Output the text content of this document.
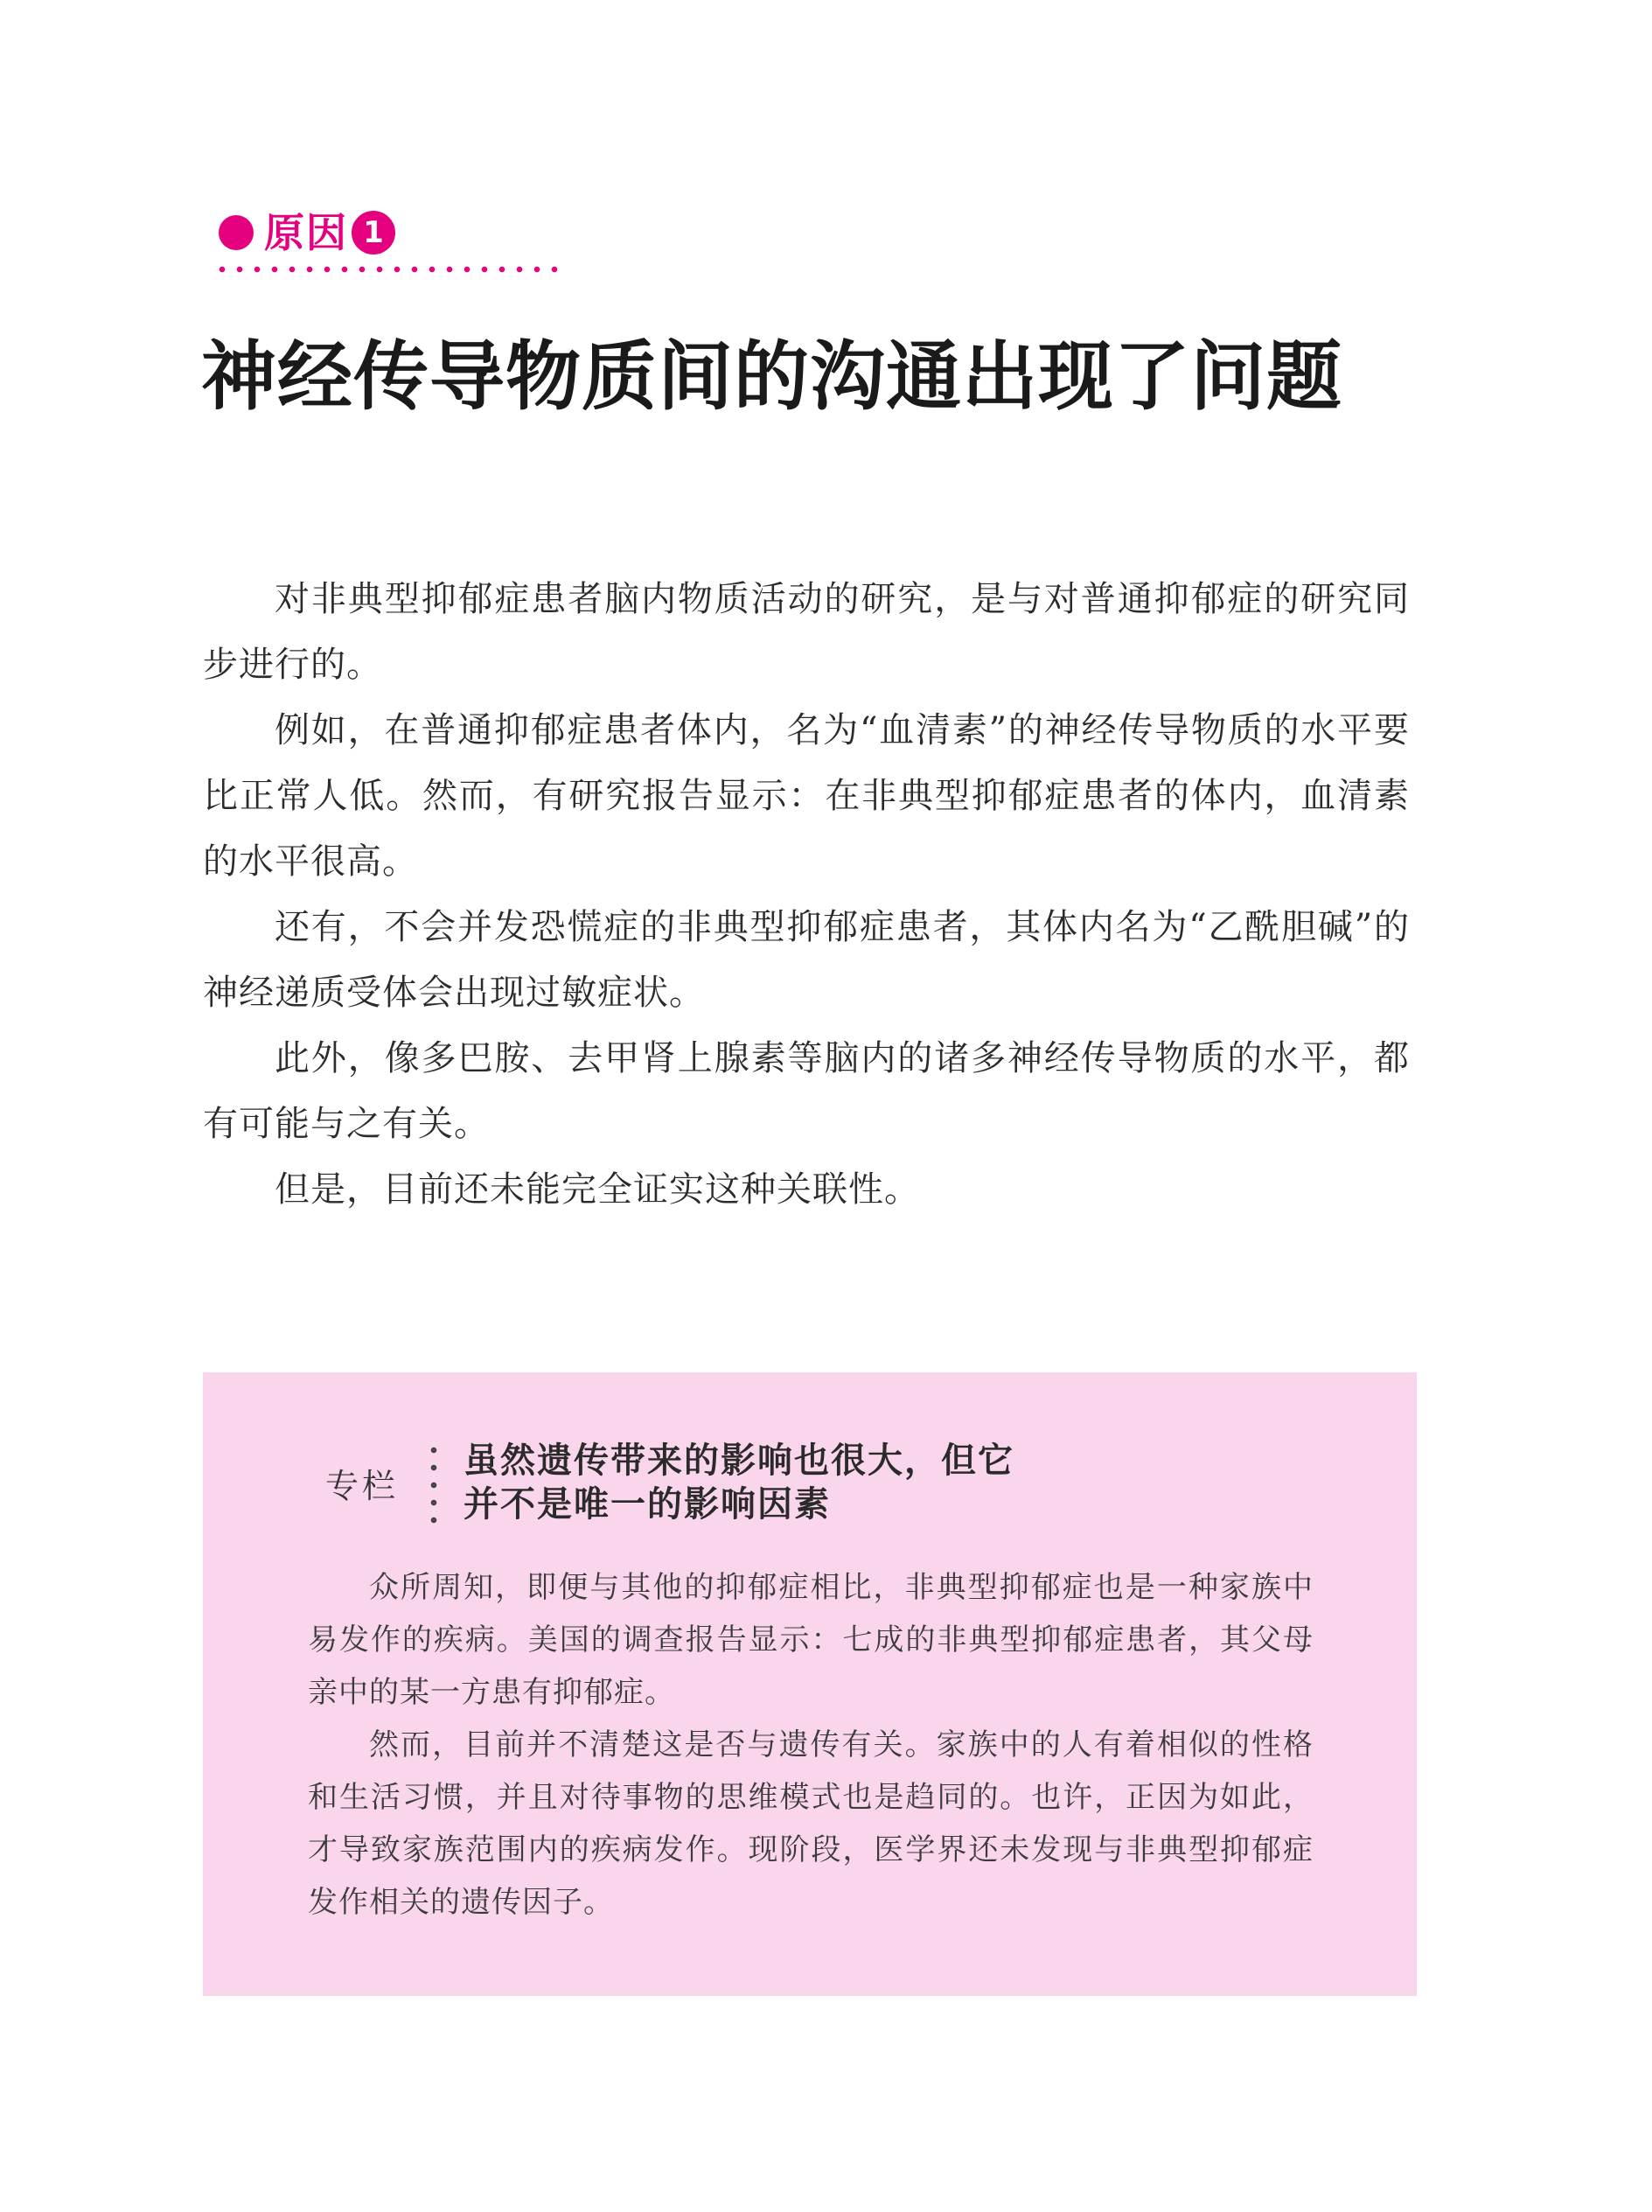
原因 1
神经传导物质间的沟通出现了问题

对非典型抑郁症患者脑内物质活动的研究，是与对普通抑郁症的研究同步进行的。

例如，在普通抑郁症患者体内，名为“血清素”的神经传导物质的水平要比正常人低。然而，有研究报告显示：在非典型抑郁症患者的体内，血清素的水平很高。

还有，不会并发恐慌症的非典型抑郁症患者，其体内名为“乙酰胆碱”的神经递质受体会出现过敏症状。

此外，像多巴胺、去甲肾上腺素等脑内的诸多神经传导物质的水平，都有可能与之有关。

但是，目前还未能完全证实这种关联性。

专栏
虽然遗传带来的影响也很大，但它
并不是唯一的影响因素

众所周知，即便与其他的抑郁症相比，非典型抑郁症也是一种家族中易发作的疾病。美国的调查报告显示：七成的非典型抑郁症患者，其父母亲中的某一方患有抑郁症。

然而，目前并不清楚这是否与遗传有关。家族中的人有着相似的性格和生活习惯，并且对待事物的思维模式也是趋同的。也许，正因为如此，才导致家族范围内的疾病发作。现阶段，医学界还未发现与非典型抑郁症发作相关的遗传因子。
